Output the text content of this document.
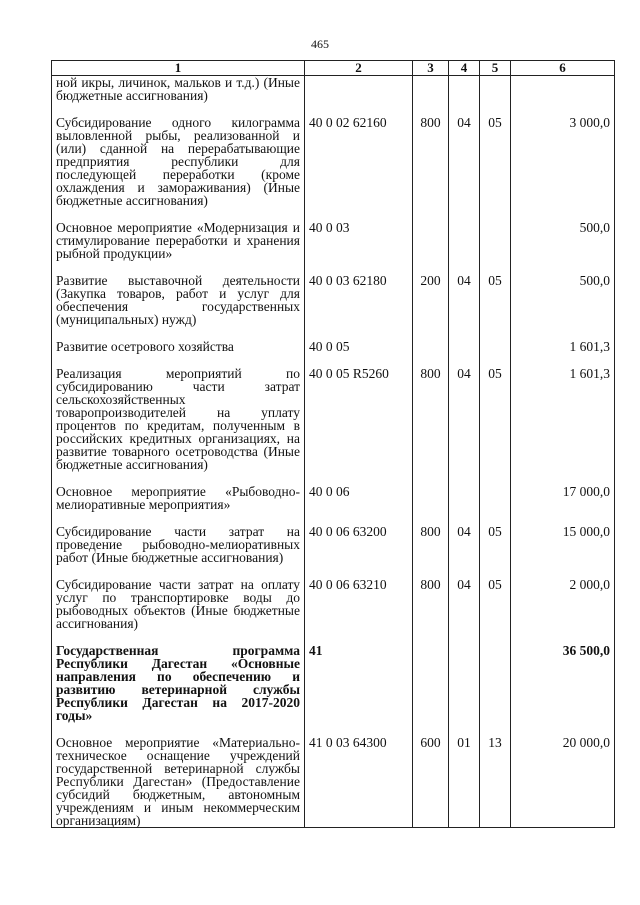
465
1	2	3	4	5	6
ной икры, личинок, мальков и т.д.) (Иные бюджетные ассигнования)					

Субсидирование одного килограмма выловленной рыбы, реализованной и (или) сданной на перерабатывающие предприятия республики для последующей переработки (кроме охлаждения и замораживания) (Иные бюджетные ассигнования)	40 0 02 62160	800	04	05	3 000,0

Основное мероприятие «Модернизация и стимулирование переработки и хранения рыбной продукции»	40 0 03				500,0

Развитие выставочной деятельности (Закупка товаров, работ и услуг для обеспечения государственных (муниципальных) нужд)	40 0 03 62180	200	04	05	500,0

Развитие осетрового хозяйства	40 0 05				1 601,3

Реализация мероприятий по субсидированию части затрат сельскохозяйственных товаропроизводителей на уплату процентов по кредитам, полученным в российских кредитных организациях, на развитие товарного осетроводства (Иные бюджетные ассигнования)	40 0 05 R5260	800	04	05	1 601,3

Основное мероприятие «Рыбоводно-мелиоративные мероприятия»	40 0 06				17 000,0

Субсидирование части затрат на проведение рыбоводно-мелиоративных работ (Иные бюджетные ассигнования)	40 0 06 63200	800	04	05	15 000,0

Субсидирование части затрат на оплату услуг по транспортировке воды до рыбоводных объектов (Иные бюджетные ассигнования)	40 0 06 63210	800	04	05	2 000,0

Государственная программа Республики Дагестан «Основные направления по обеспечению и развитию ветеринарной службы Республики Дагестан на 2017-2020 годы»	41				36 500,0

Основное мероприятие «Материально-техническое оснащение учреждений государственной ветеринарной службы Республики Дагестан» (Предоставление субсидий бюджетным, автономным учреждениям и иным некоммерческим организациям)	41 0 03 64300	600	01	13	20 000,0
